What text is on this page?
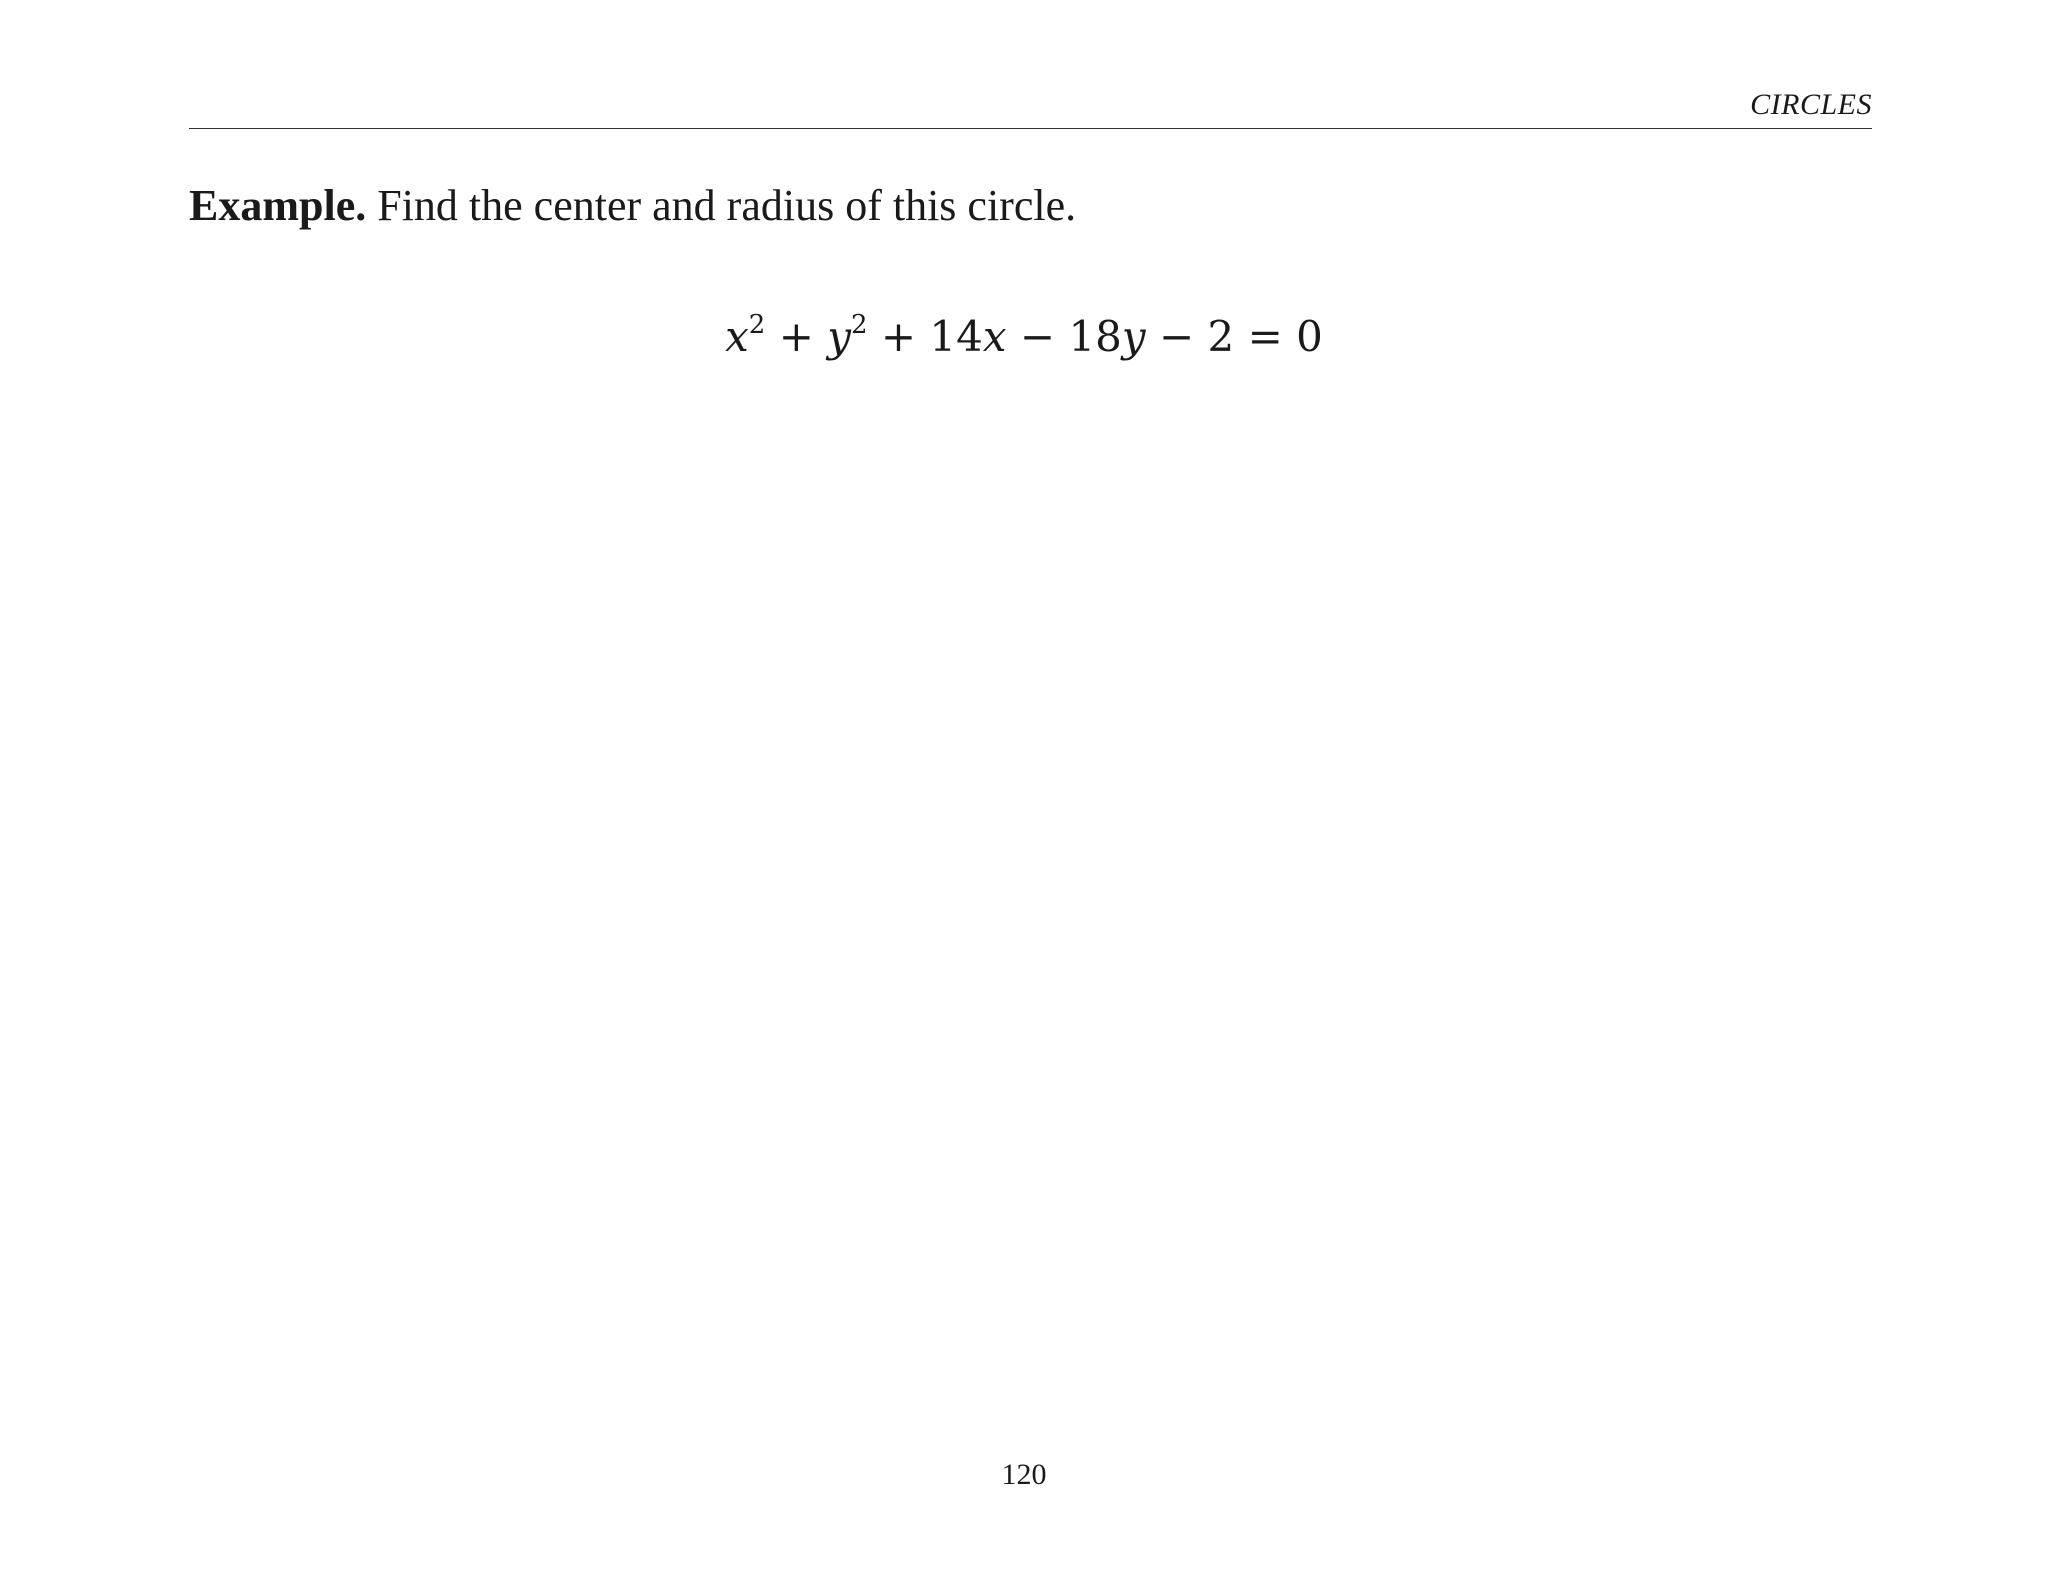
CIRCLES
Example. Find the center and radius of this circle.
$x^2 + y^2 + 14x - 18y - 2 = 0$
120
